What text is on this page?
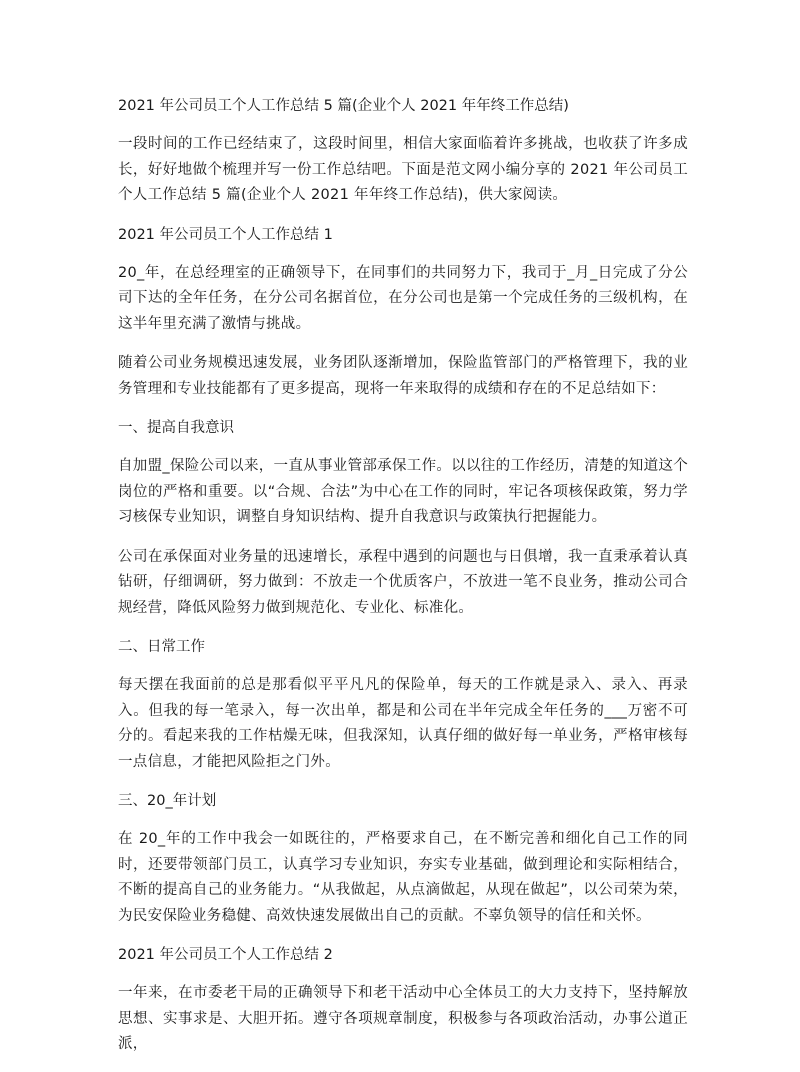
2021 年公司员工个人工作总结 5 篇(企业个人 2021 年年终工作总结)

一段时间的工作已经结束了，这段时间里，相信大家面临着许多挑战，也收获了许多成长，好好地做个梳理并写一份工作总结吧。下面是范文网小编分享的 2021 年公司员工个人工作总结 5 篇(企业个人 2021 年年终工作总结)，供大家阅读。

2021 年公司员工个人工作总结 1

20_年，在总经理室的正确领导下，在同事们的共同努力下，我司于_月_日完成了分公司下达的全年任务，在分公司名据首位，在分公司也是第一个完成任务的三级机构，在这半年里充满了激情与挑战。

随着公司业务规模迅速发展，业务团队逐渐增加，保险监管部门的严格管理下，我的业务管理和专业技能都有了更多提高，现将一年来取得的成绩和存在的不足总结如下：

一、提高自我意识

自加盟_保险公司以来，一直从事业管部承保工作。以以往的工作经历，清楚的知道这个岗位的严格和重要。以“合规、合法”为中心在工作的同时，牢记各项核保政策，努力学习核保专业知识，调整自身知识结构、提升自我意识与政策执行把握能力。

公司在承保面对业务量的迅速增长，承程中遇到的问题也与日俱增，我一直秉承着认真钻研，仔细调研，努力做到：不放走一个优质客户，不放进一笔不良业务，推动公司合规经营，降低风险努力做到规范化、专业化、标准化。

二、日常工作

每天摆在我面前的总是那看似平平凡凡的保险单，每天的工作就是录入、录入、再录入。但我的每一笔录入，每一次出单，都是和公司在半年完成全年任务的___万密不可分的。看起来我的工作枯燥无味，但我深知，认真仔细的做好每一单业务，严格审核每一点信息，才能把风险拒之门外。

三、20_年计划

在 20_年的工作中我会一如既往的，严格要求自己，在不断完善和细化自己工作的同时，还要带领部门员工，认真学习专业知识，夯实专业基础，做到理论和实际相结合，不断的提高自己的业务能力。“从我做起，从点滴做起，从现在做起”，以公司荣为荣，为民安保险业务稳健、高效快速发展做出自己的贡献。不辜负领导的信任和关怀。

2021 年公司员工个人工作总结 2

一年来，在市委老干局的正确领导下和老干活动中心全体员工的大力支持下，坚持解放思想、实事求是、大胆开拓。遵守各项规章制度，积极参与各项政治活动，办事公道正派，
